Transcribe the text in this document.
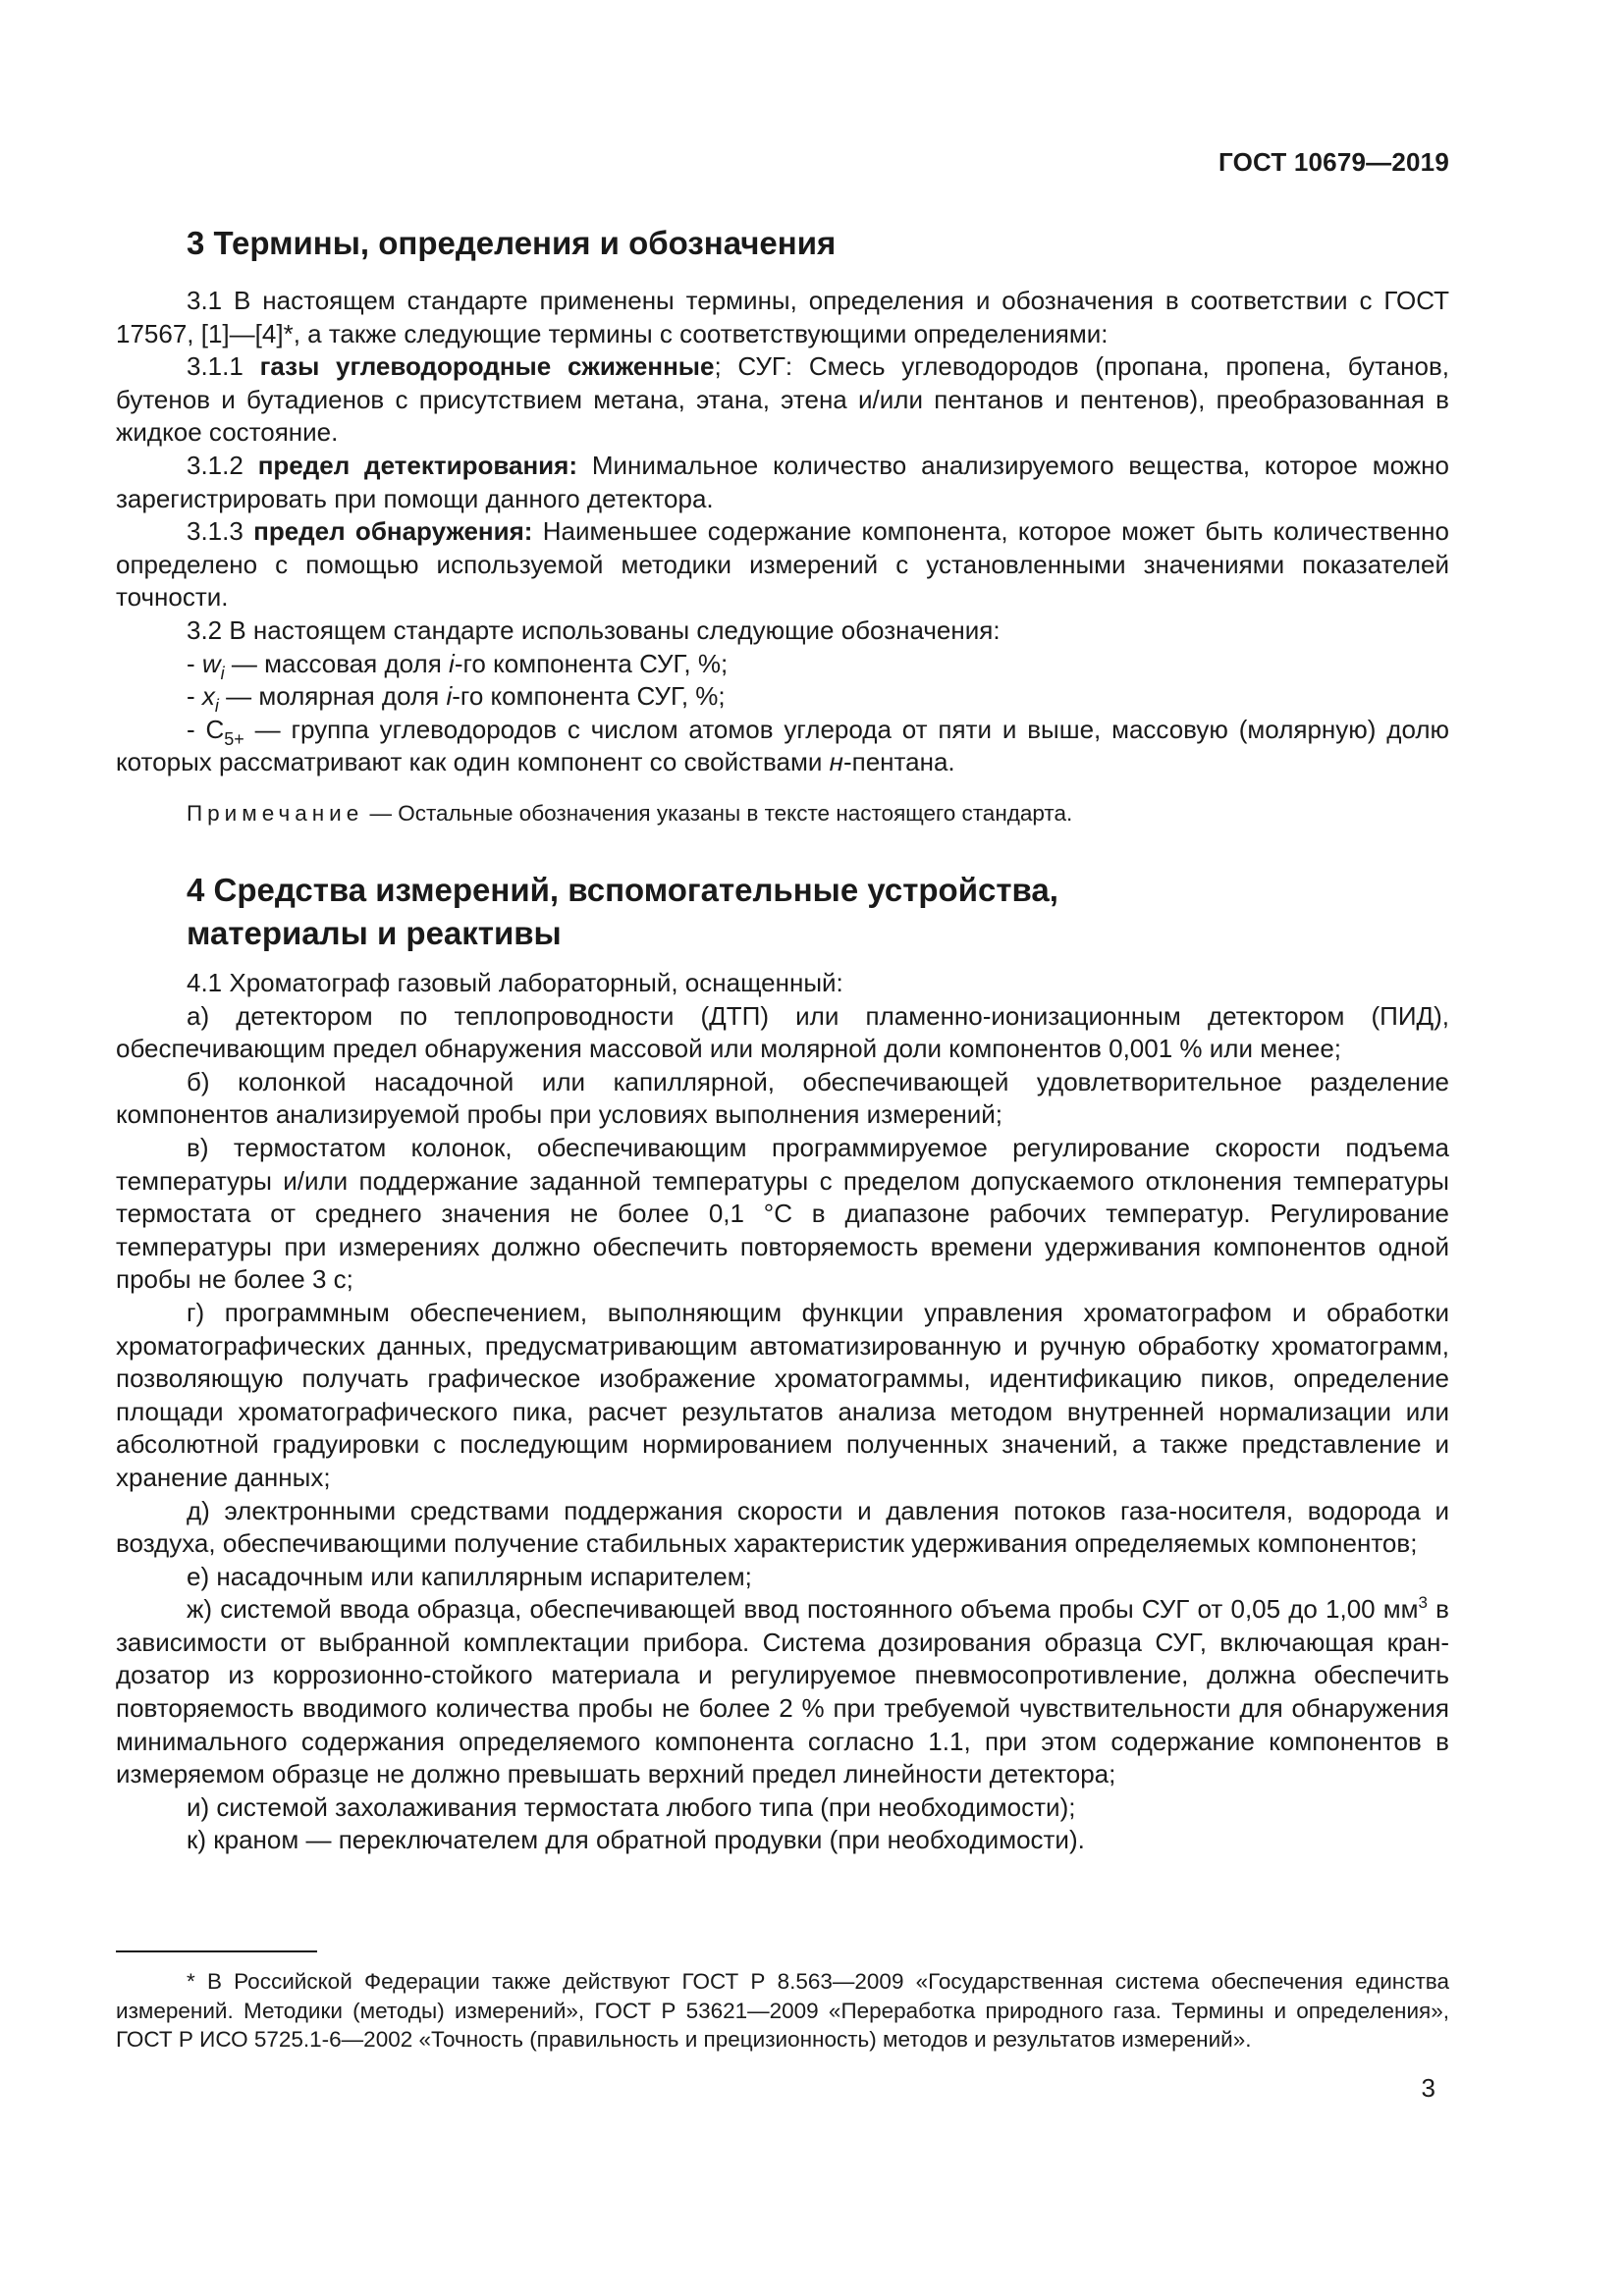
ГОСТ 10679—2019
3 Термины, определения и обозначения

3.1 В настоящем стандарте применены термины, определения и обозначения в соответствии с ГОСТ 17567, [1]—[4]*, а также следующие термины с соответствующими определениями:

3.1.1 газы углеводородные сжиженные; СУГ: Смесь углеводородов (пропана, пропена, бутанов, бутенов и бутадиенов с присутствием метана, этана, этена и/или пентанов и пентенов), преобразованная в жидкое состояние.

3.1.2 предел детектирования: Минимальное количество анализируемого вещества, которое можно зарегистрировать при помощи данного детектора.

3.1.3 предел обнаружения: Наименьшее содержание компонента, которое может быть количественно определено с помощью используемой методики измерений с установленными значениями показателей точности.

3.2 В настоящем стандарте использованы следующие обозначения:

- $w_i$ — массовая доля i-го компонента СУГ, %;

- $x_i$ — молярная доля i-го компонента СУГ, %;

- $C_{5+}$ — группа углеводородов с числом атомов углерода от пяти и выше, массовую (молярную) долю которых рассматривают как один компонент со свойствами н-пентана.

Примечание — Остальные обозначения указаны в тексте настоящего стандарта.

4 Средства измерений, вспомогательные устройства,
материалы и реактивы

4.1 Хроматограф газовый лабораторный, оснащенный:

а) детектором по теплопроводности (ДТП) или пламенно-ионизационным детектором (ПИД), обеспечивающим предел обнаружения массовой или молярной доли компонентов 0,001 % или менее;

б) колонкой насадочной или капиллярной, обеспечивающей удовлетворительное разделение компонентов анализируемой пробы при условиях выполнения измерений;

в) термостатом колонок, обеспечивающим программируемое регулирование скорости подъема температуры и/или поддержание заданной температуры с пределом допускаемого отклонения температуры термостата от среднего значения не более 0,1 °С в диапазоне рабочих температур. Регулирование температуры при измерениях должно обеспечить повторяемость времени удерживания компонентов одной пробы не более 3 с;

г) программным обеспечением, выполняющим функции управления хроматографом и обработки хроматографических данных, предусматривающим автоматизированную и ручную обработку хроматограмм, позволяющую получать графическое изображение хроматограммы, идентификацию пиков, определение площади хроматографического пика, расчет результатов анализа методом внутренней нормализации или абсолютной градуировки с последующим нормированием полученных значений, а также представление и хранение данных;

д) электронными средствами поддержания скорости и давления потоков газа-носителя, водорода и воздуха, обеспечивающими получение стабильных характеристик удерживания определяемых компонентов;

е) насадочным или капиллярным испарителем;

ж) системой ввода образца, обеспечивающей ввод постоянного объема пробы СУГ от 0,05 до 1,00 $мм^3$ в зависимости от выбранной комплектации прибора. Система дозирования образца СУГ, включающая кран-дозатор из коррозионно-стойкого материала и регулируемое пневмосопротивление, должна обеспечить повторяемость вводимого количества пробы не более 2 % при требуемой чувствительности для обнаружения минимального содержания определяемого компонента согласно 1.1, при этом содержание компонентов в измеряемом образце не должно превышать верхний предел линейности детектора;

и) системой захолаживания термостата любого типа (при необходимости);

к) краном — переключателем для обратной продувки (при необходимости).

* В Российской Федерации также действуют ГОСТ Р 8.563—2009 «Государственная система обеспечения единства измерений. Методики (методы) измерений», ГОСТ Р 53621—2009 «Переработка природного газа. Термины и определения», ГОСТ Р ИСО 5725.1-6—2002 «Точность (правильность и прецизионность) методов и результатов измерений».

3
